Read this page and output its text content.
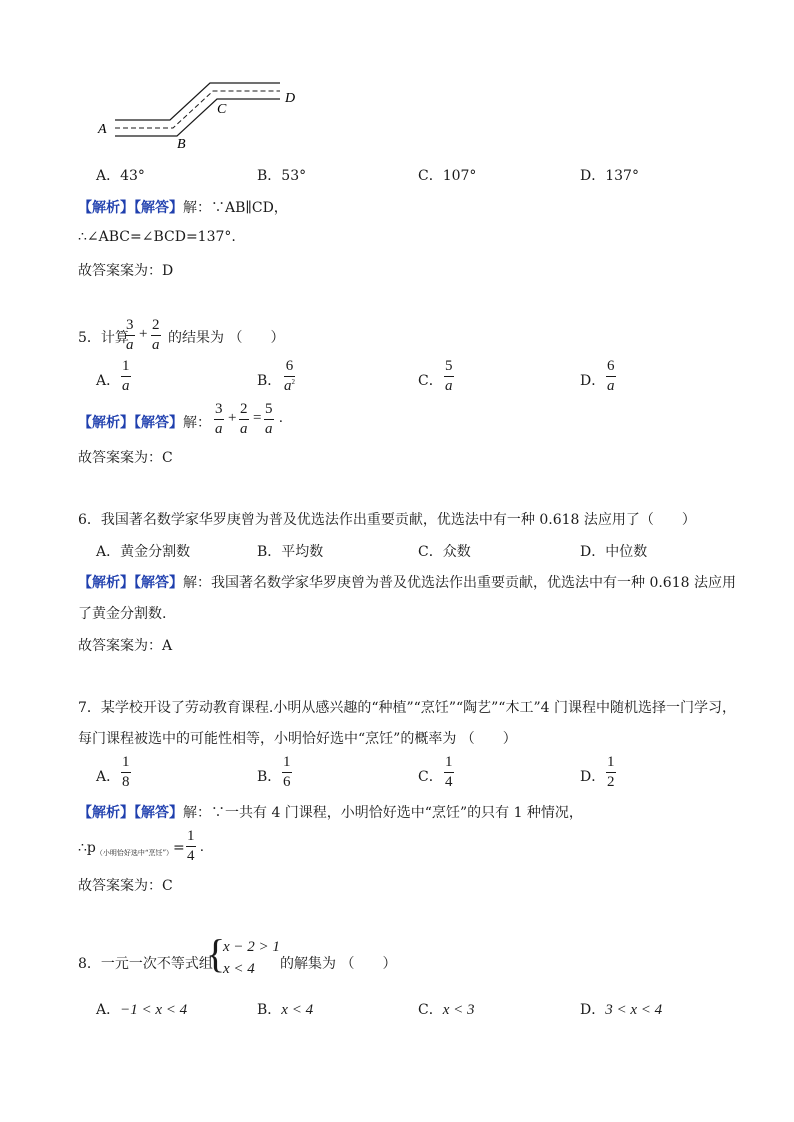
A
B
C
D
A．43°	B．53°	C．107°	D．137°
【解析】【解答】解：∵AB∥CD，
∴∠ABC=∠BCD=137°.
故答案案为：D
5．计算
$\frac{3}{a} + \frac{2}{a}$ 的结果为 （　　）
A． $\frac{1}{a}$	B． $\frac{6}{a^2}$	C． $\frac{5}{a}$	D． $\frac{6}{a}$
【解析】【解答】解： $\frac{3}{a} + \frac{2}{a} = \frac{5}{a}$ .
故答案案为：C
6．我国著名数学家华罗庚曾为普及优选法作出重要贡献，优选法中有一种 0.618 法应用了（　　）
A．黄金分割数	B．平均数	C．众数	D．中位数
【解析】【解答】解：我国著名数学家华罗庚曾为普及优选法作出重要贡献，优选法中有一种 0.618 法应用
了黄金分割数.
故答案案为：A
7．某学校开设了劳动教育课程.小明从感兴趣的“种植”“烹饪”“陶艺”“木工”4 门课程中随机选择一门学习，
每门课程被选中的可能性相等，小明恰好选中“烹饪”的概率为 （　　）
A． $\frac{1}{8}$	B． $\frac{1}{6}$	C． $\frac{1}{4}$	D． $\frac{1}{2}$
【解析】【解答】解：∵一共有 4 门课程，小明恰好选中“烹饪”的只有 1 种情况，
$\therefore p_{(小明恰好选中“烹饪”)}= \frac{1}{4}$ .
故答案案为：C
8．一元一次不等式组
{
x − 2 > 1
x < 4 的解集为 （　　）
A．−1 < x < 4	B．x < 4	C．x < 3	D．3 < x < 4
